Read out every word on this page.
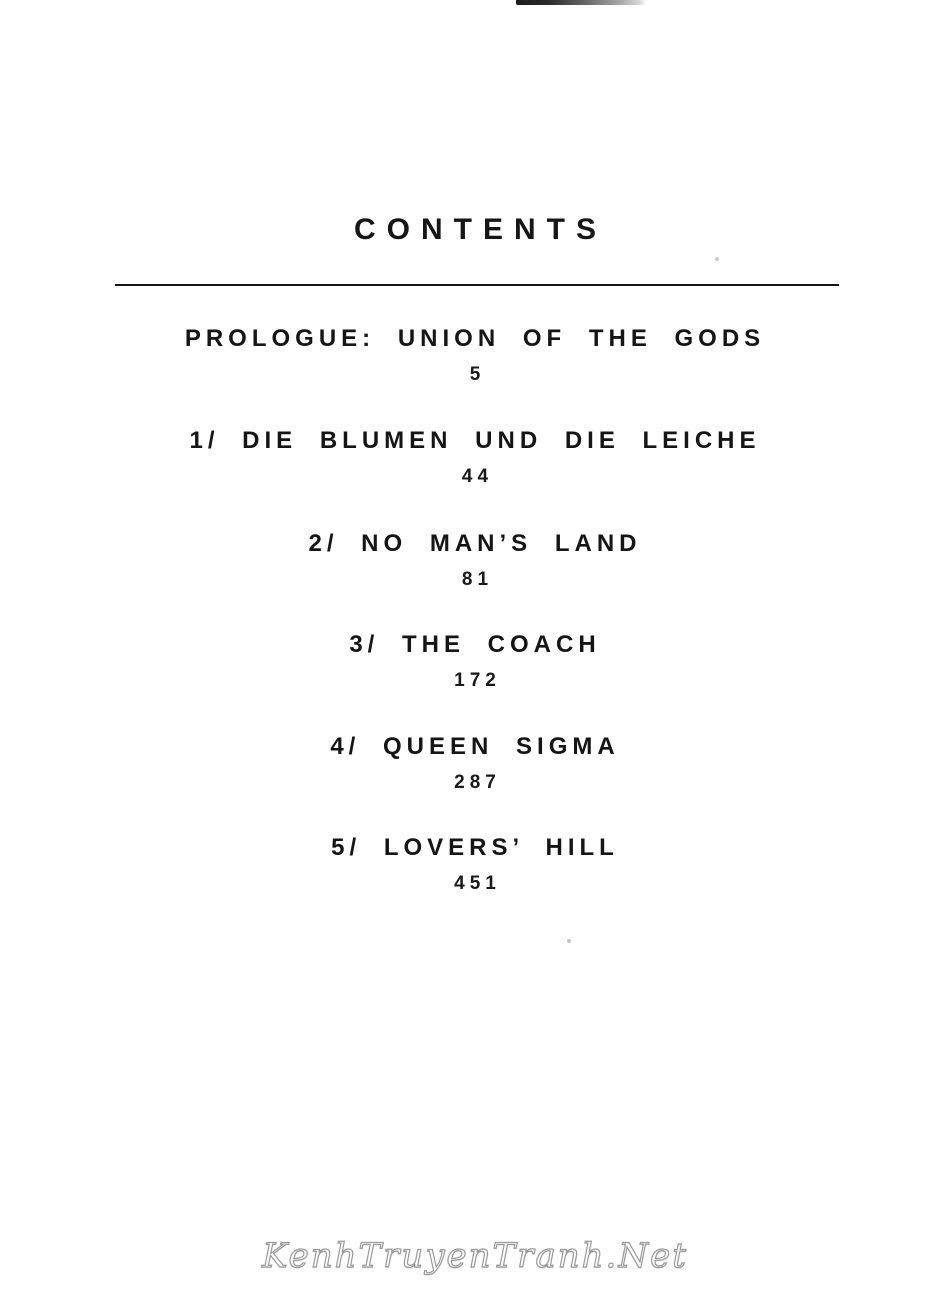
CONTENTS
PROLOGUE: UNION OF THE GODS
5
1/ DIE BLUMEN UND DIE LEICHE
44
2/ NO MAN’S LAND
81
3/ THE COACH
172
4/ QUEEN SIGMA
287
5/ LOVERS’ HILL
451
KenhTruyenTranh.Net
